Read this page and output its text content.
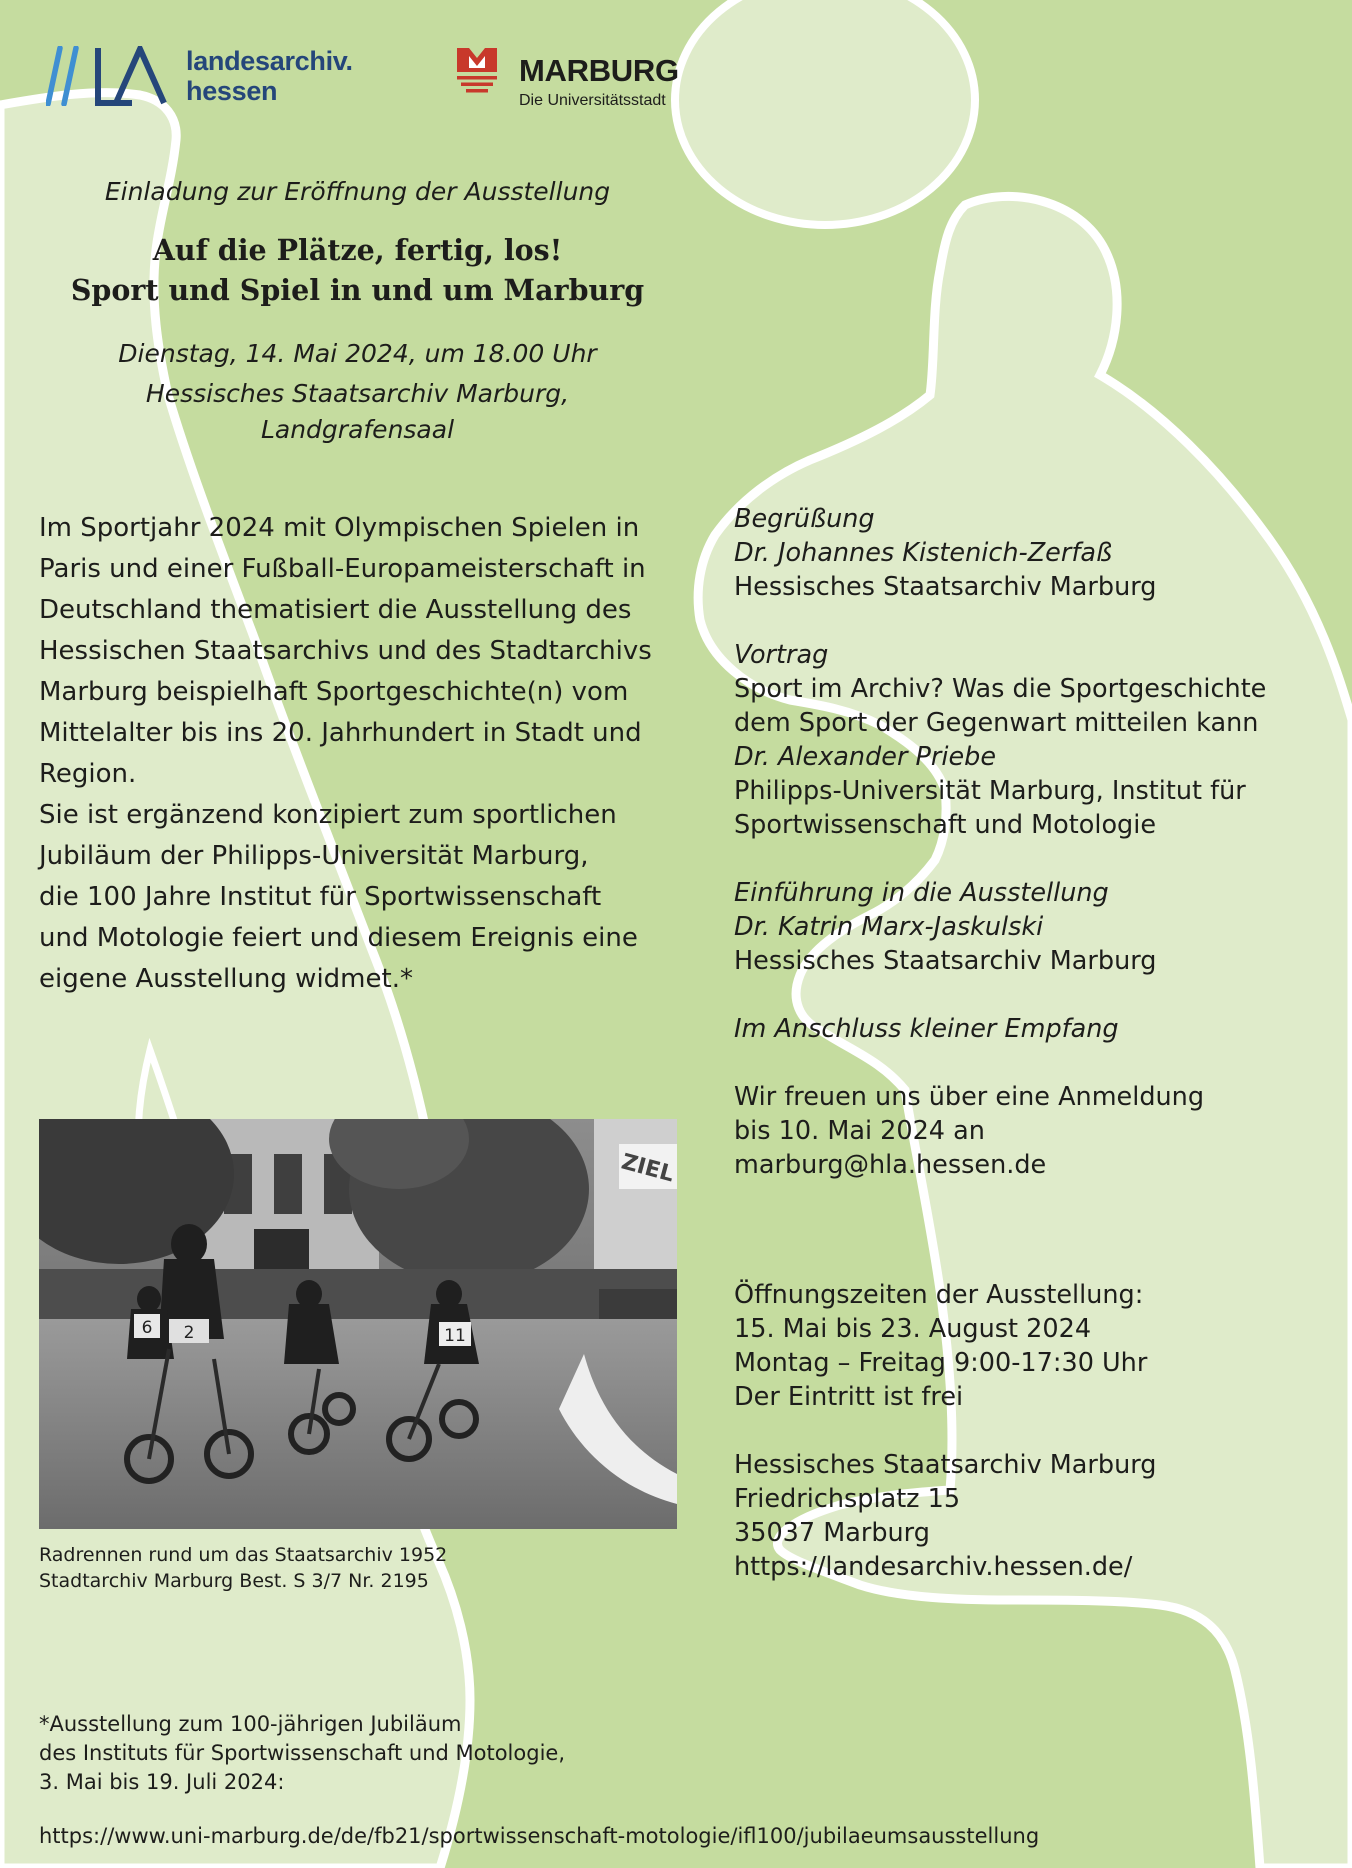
landesarchiv.
hessen
MARBURG
Die Universitätsstadt
Einladung zur Eröffnung der Ausstellung
Auf die Plätze, fertig, los!
Sport und Spiel in und um Marburg
Dienstag, 14. Mai 2024, um 18.00 Uhr
Hessisches Staatsarchiv Marburg,
Landgrafensaal

Im Sportjahr 2024 mit Olympischen Spielen in
Paris und einer Fußball-Europameisterschaft in
Deutschland thematisiert die Ausstellung des
Hessischen Staatsarchivs und des Stadtarchivs
Marburg beispielhaft Sportgeschichte(n) vom
Mittelalter bis ins 20. Jahrhundert in Stadt und
Region.

Sie ist ergänzend konzipiert zum sportlichen
Jubiläum der Philipps-Universität Marburg,
die 100 Jahre Institut für Sportwissenschaft
und Motologie feiert und diesem Ereignis eine
eigene Ausstellung widmet.*

Begrüßung
Dr. Johannes Kistenich-Zerfaß
Hessisches Staatsarchiv Marburg
Vortrag
Sport im Archiv? Was die Sportgeschichte
dem Sport der Gegenwart mitteilen kann
Dr. Alexander Priebe
Philipps-Universität Marburg, Institut für
Sportwissenschaft und Motologie
Einführung in die Ausstellung
Dr. Katrin Marx-Jaskulski
Hessisches Staatsarchiv Marburg
Im Anschluss kleiner Empfang
Wir freuen uns über eine Anmeldung
bis 10. Mai 2024 an
marburg@hla.hessen.de
Öffnungszeiten der Ausstellung:
15. Mai bis 23. August 2024
Montag – Freitag 9:00-17:30 Uhr
Der Eintritt ist frei
Hessisches Staatsarchiv Marburg
Friedrichsplatz 15
35037 Marburg
https://landesarchiv.hessen.de/
6 2	11
ZIEL
Radrennen rund um das Staatsarchiv 1952
Stadtarchiv Marburg Best. S 3/7 Nr. 2195
*Ausstellung zum 100-jährigen Jubiläum
des Instituts für Sportwissenschaft und Motologie,
3. Mai bis 19. Juli 2024:
https://www.uni-marburg.de/de/fb21/sportwissenschaft-motologie/ifl100/jubilaeumsausstellung
